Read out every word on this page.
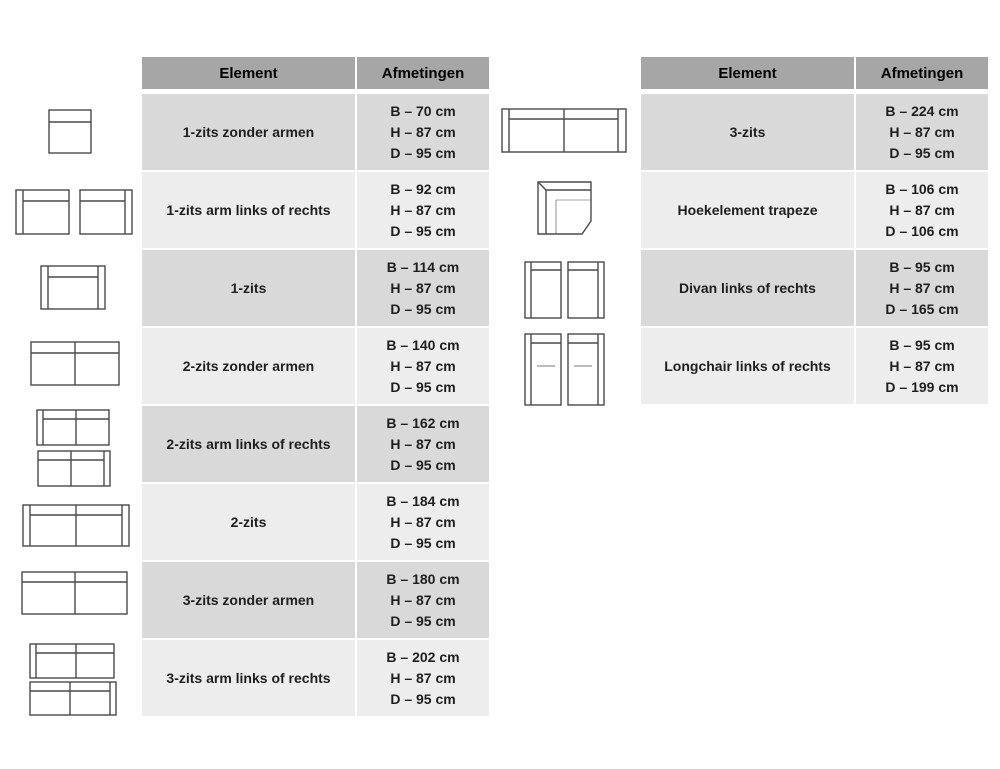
Element	Afmetingen
1-zits zonder armen
B – 70 cm
H – 87 cm
D – 95 cm
1-zits arm links of rechts
B – 92 cm
H – 87 cm
D – 95 cm
1-zits
B – 114 cm
H – 87 cm
D – 95 cm
2-zits zonder armen
B – 140 cm
H – 87 cm
D – 95 cm
2-zits arm links of rechts
B – 162 cm
H – 87 cm
D – 95 cm
2-zits
B – 184 cm
H – 87 cm
D – 95 cm
3-zits zonder armen
B – 180 cm
H – 87 cm
D – 95 cm
3-zits arm links of rechts
B – 202 cm
H – 87 cm
D – 95 cm
Element	Afmetingen
3-zits
B – 224 cm
H – 87 cm
D – 95 cm
Hoekelement trapeze
B – 106 cm
H – 87 cm
D – 106 cm
Divan links of rechts
B – 95 cm
H – 87 cm
D – 165 cm
Longchair links of rechts
B – 95 cm
H – 87 cm
D – 199 cm
